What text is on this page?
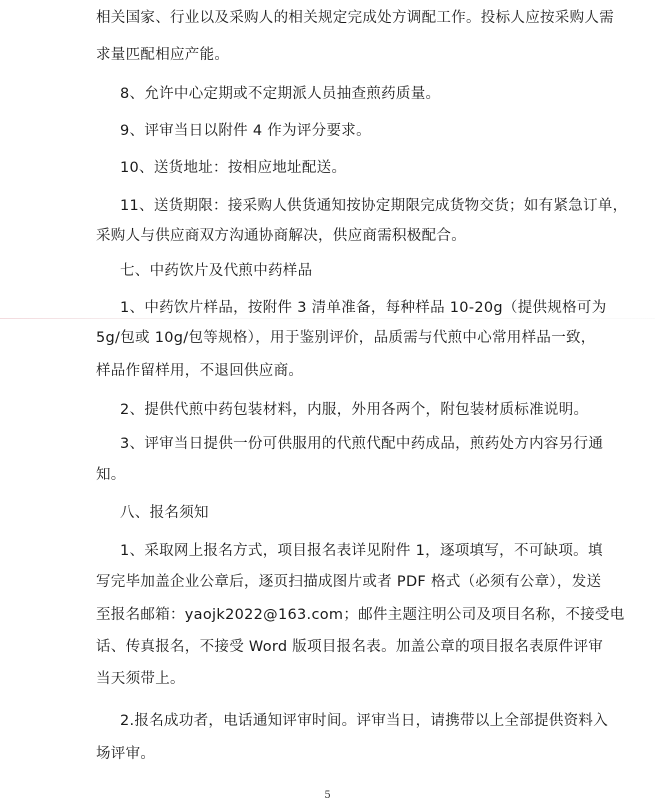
相关国家、行业以及采购人的相关规定完成处方调配工作。投标人应按采购人需
求量匹配相应产能。
8、允许中心定期或不定期派人员抽查煎药质量。
9、评审当日以附件 4 作为评分要求。
10、送货地址：按相应地址配送。
11、送货期限：接采购人供货通知按协定期限完成货物交货；如有紧急订单，
采购人与供应商双方沟通协商解决，供应商需积极配合。
七、中药饮片及代煎中药样品
1、中药饮片样品，按附件 3 清单准备，每种样品 10-20g（提供规格可为
5g/包或 10g/包等规格），用于鉴别评价，品质需与代煎中心常用样品一致，
样品作留样用，不退回供应商。
2、提供代煎中药包装材料，内服，外用各两个，附包装材质标准说明。
3、评审当日提供一份可供服用的代煎代配中药成品，煎药处方内容另行通
知。
八、报名须知
1、采取网上报名方式，项目报名表详见附件 1，逐项填写，不可缺项。填
写完毕加盖企业公章后，逐页扫描成图片或者 PDF 格式（必须有公章），发送
至报名邮箱：yaojk2022@163.com；邮件主题注明公司及项目名称，不接受电
话、传真报名，不接受 Word 版项目报名表。加盖公章的项目报名表原件评审
当天须带上。
2.报名成功者，电话通知评审时间。评审当日，请携带以上全部提供资料入
场评审。
5
